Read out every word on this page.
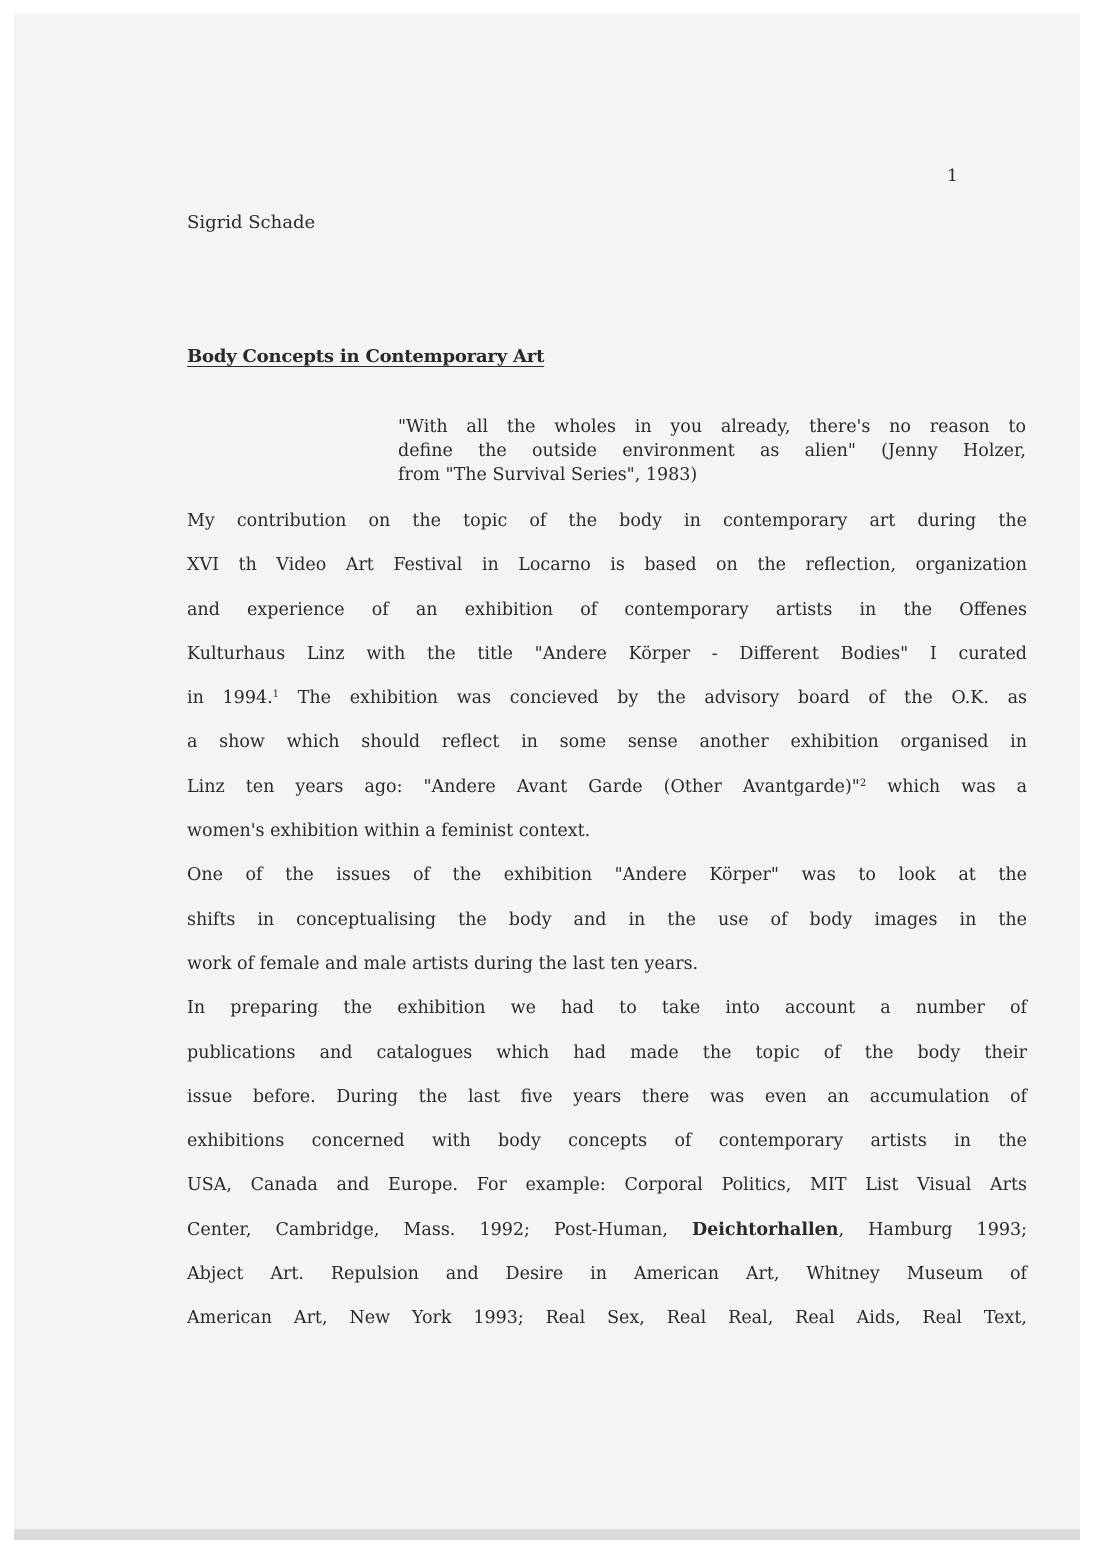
1
Sigrid Schade
Body Concepts in Contemporary Art
"With all the wholes in you already, there's no reason to
define the outside environment as alien" (Jenny Holzer,
from "The Survival Series", 1983)
My contribution on the topic of the body in contemporary art during the
XVI th Video Art Festival in Locarno is based on the reflection, organization
and experience of an exhibition of contemporary artists in the Offenes
Kulturhaus Linz with the title "Andere Körper - Different Bodies" I curated
in 1994.$^1$ The exhibition was concieved by the advisory board of the O.K. as
a show which should reflect in some sense another exhibition organised in
Linz ten years ago: "Andere Avant Garde (Other Avantgarde)"$^2$ which was a
women's exhibition within a feminist context.
One of the issues of the exhibition "Andere Körper" was to look at the
shifts in conceptualising the body and in the use of body images in the
work of female and male artists during the last ten years.
In preparing the exhibition we had to take into account a number of
publications and catalogues which had made the topic of the body their
issue before. During the last five years there was even an accumulation of
exhibitions concerned with body concepts of contemporary artists in the
USA, Canada and Europe. For example: Corporal Politics, MIT List Visual Arts
Center, Cambridge, Mass. 1992; Post-Human, Deichtorhallen, Hamburg 1993;
Abject Art. Repulsion and Desire in American Art, Whitney Museum of
American Art, New York 1993; Real Sex, Real Real, Real Aids, Real Text,
